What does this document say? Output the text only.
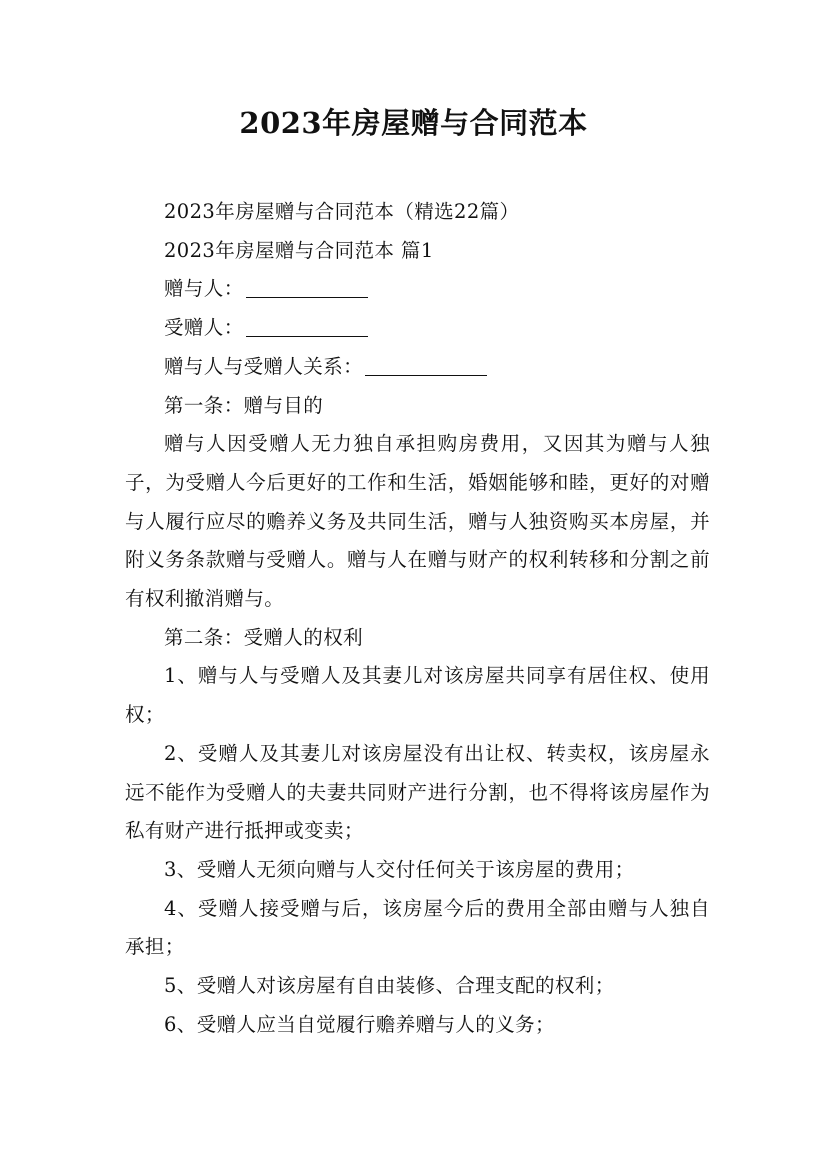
2023年房屋赠与合同范本

2023年房屋赠与合同范本（精选22篇）

2023年房屋赠与合同范本 篇1

赠与人：

受赠人：

赠与人与受赠人关系：

第一条：赠与目的

赠与人因受赠人无力独自承担购房费用，又因其为赠与人独子，为受赠人今后更好的工作和生活，婚姻能够和睦，更好的对赠与人履行应尽的赡养义务及共同生活，赠与人独资购买本房屋，并附义务条款赠与受赠人。赠与人在赠与财产的权利转移和分割之前有权利撤消赠与。

第二条：受赠人的权利

1、赠与人与受赠人及其妻儿对该房屋共同享有居住权、使用权；

2、受赠人及其妻儿对该房屋没有出让权、转卖权，该房屋永远不能作为受赠人的夫妻共同财产进行分割，也不得将该房屋作为私有财产进行抵押或变卖；

3、受赠人无须向赠与人交付任何关于该房屋的费用；

4、受赠人接受赠与后，该房屋今后的费用全部由赠与人独自承担；

5、受赠人对该房屋有自由装修、合理支配的权利；

6、受赠人应当自觉履行赡养赠与人的义务；
